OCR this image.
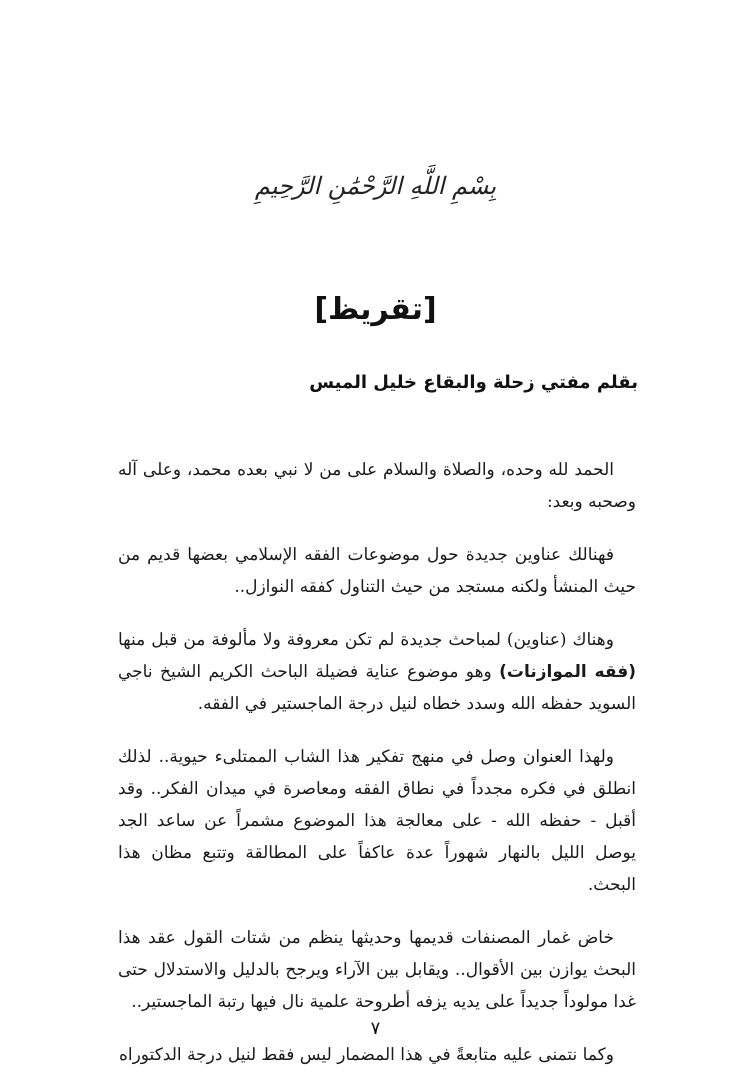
بِسْمِ اللَّهِ الرَّحْمَٰنِ الرَّحِيمِ
[تقريظ]
بقلم مفتي زحلة والبقاع خليل الميس

الحمد لله وحده، والصلاة والسلام على من لا نبي بعده محمد، وعلى آله وصحبه وبعد:

فهنالك عناوين جديدة حول موضوعات الفقه الإسلامي بعضها قديم من حيث المنشأ ولكنه مستجد من حيث التناول كفقه النوازل..

وهناك (عناوين) لمباحث جديدة لم تكن معروفة ولا مألوفة من قبل منها (فقه الموازنات) وهو موضوع عناية فضيلة الباحث الكريم الشيخ ناجي السويد حفظه الله وسدد خطاه لنيل درجة الماجستير في الفقه.

ولهذا العنوان وصل في منهج تفكير هذا الشاب الممتلىء حيوية.. لذلك انطلق في فكره مجدداً في نطاق الفقه ومعاصرة في ميدان الفكر.. وقد أقبل - حفظه الله - على معالجة هذا الموضوع مشمراً عن ساعد الجد يوصل الليل بالنهار شهوراً عدة عاكفاً على المطالقة وتتبع مظان هذا البحث.

خاض غمار المصنفات قديمها وحديثها ينظم من شتات القول عقد هذا البحث يوازن بين الأقوال.. ويقابل بين الآراء ويرجح بالدليل والاستدلال حتى غدا مولوداً جديداً على يديه يزفه أطروحة علمية نال فيها رتبة الماجستير..

وكما نتمنى عليه متابعةً في هذا المضمار ليس فقط لنيل درجة الدكتوراه

٧
